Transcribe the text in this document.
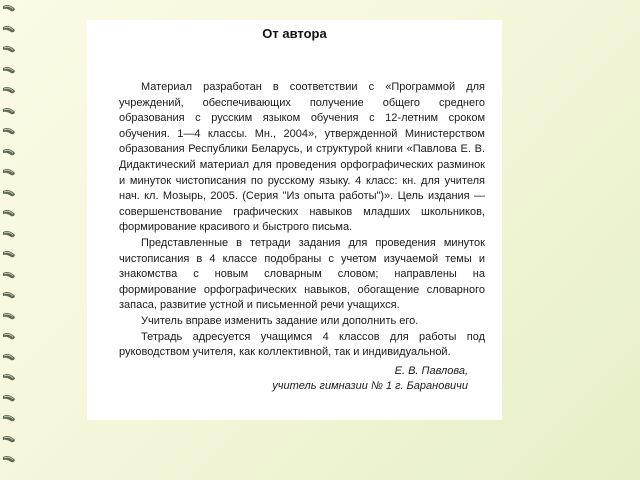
От автора

Материал разработан в соответствии с «Программой для учреждений, обеспечивающих получение общего среднего образования с русским языком обучения с 12-летним сроком обучения. 1—4 классы. Мн., 2004», утвержденной Министерством образования Республики Беларусь, и структурой книги «Павлова Е. В. Дидактический материал для проведения орфографических разминок и минуток чистописания по русскому языку. 4 класс: кн. для учителя нач. кл. Мозырь, 2005. (Серия "Из опыта работы")». Цель издания — совершенствование графических навыков младших школьников, формирование красивого и быстрого письма.

Представленные в тетради задания для проведения минуток чистописания в 4 классе подобраны с учетом изучаемой темы и знакомства с новым словарным словом; направлены на формирование орфографических навыков, обогащение словарного запаса, развитие устной и письменной речи учащихся.

Учитель вправе изменить задание или дополнить его.

Тетрадь адресуется учащимся 4 классов для работы под руководством учителя, как коллективной, так и индивидуальной.

Е. В. Павлова,
учитель гимназии № 1 г. Барановичи
